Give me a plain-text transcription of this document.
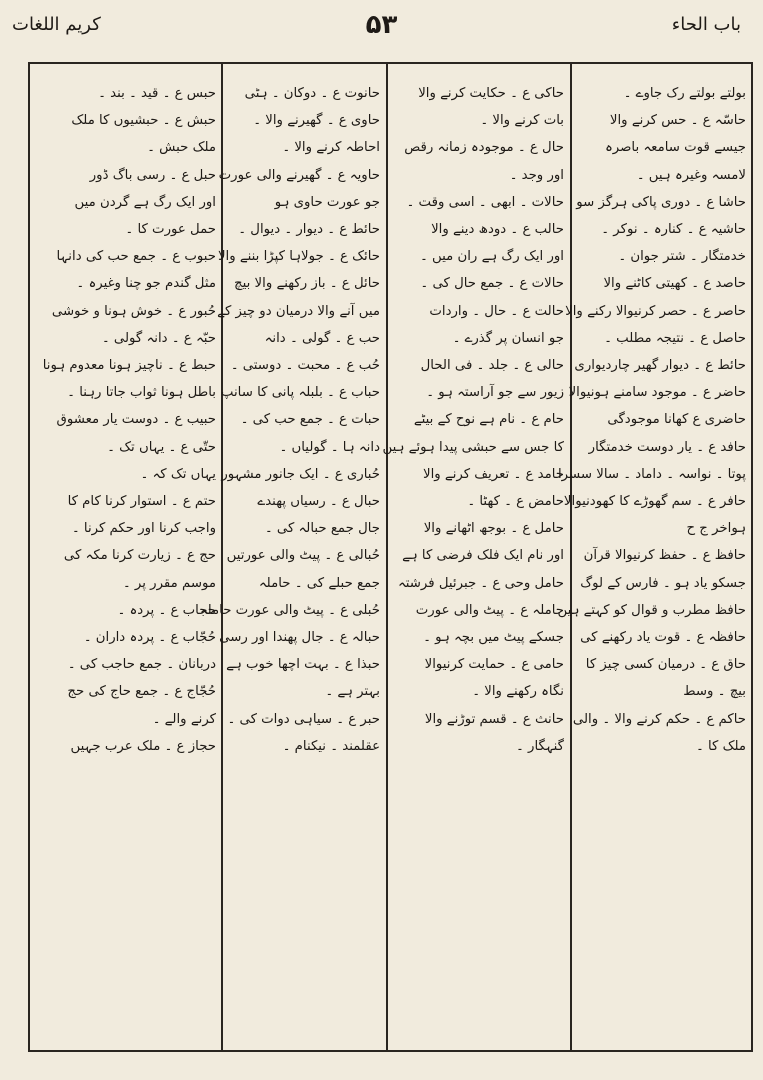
باب الحاء
۵۳
کریم اللغات
بولتے بولتے رک جاوے ۔
حاسّہ ع ۔ حس کرنے والا
جیسے قوت سامعہ باصرہ
لامسہ وغیرہ ہیں ۔
حاشا ع ۔ دوری پاکی ہرگز سو
حاشیہ ع ۔ کنارہ ۔ نوکر ۔
خدمتگار ۔ شتر جوان ۔
حاصد ع ۔ کھیتی کاٹنے والا
حاصر ع ۔ حصر کرنیوالا رکنے والا
حاصل ع ۔ نتیجہ مطلب ۔
حائط ع ۔ دیوار گھیر چاردیواری
حاضر ع ۔ موجود سامنے ہونیوالا
حاضری ع کھانا موجودگی
حافد ع ۔ یار دوست خدمتگار
پوتا ۔ نواسہ ۔ داماد ۔ سالا سسرا
حافر ع ۔ سم گھوڑے کا کھودنیوالا
ہواخر ج ح
حافظ ع ۔ حفظ کرنیوالا قرآن
جسکو یاد ہو ۔ فارس کے لوگ
حافظ مطرب و قوال کو کہتے ہیں
حافظہ ع ۔ قوت یاد رکھنے کی
حاق ع ۔ درمیان کسی چیز کا
بیچ ۔ وسط
حاکم ع ۔ حکم کرنے والا ۔ والی
ملک کا ۔
حاکی ع ۔ حکایت کرنے والا
بات کرنے والا ۔
حال ع ۔ موجودہ زمانہ رقص
اور وجد ۔
حالات ۔ ابھی ۔ اسی وقت ۔
حالب ع ۔ دودھ دینے والا
اور ایک رگ ہے ران میں ۔
حالات ع ۔ جمع حال کی ۔
حالت ع ۔ حال ۔ واردات
جو انسان پر گذرے ۔
حالی ع ۔ جلد ۔ فی الحال
زیور سے جو آراستہ ہو ۔
حام ع ۔ نام ہے نوح کے بیٹے
کا جس سے حبشی پیدا ہوئے ہیں
حامد ع ۔ تعریف کرنے والا
حامض ع ۔ کھٹا ۔
حامل ع ۔ بوجھ اٹھانے والا
اور نام ایک فلک فرضی کا ہے
حامل وحی ع ۔ جبرئیل فرشتہ
حاملہ ع ۔ پیٹ والی عورت
جسکے پیٹ میں بچہ ہو ۔
حامی ع ۔ حمایت کرنیوالا
نگاہ رکھنے والا ۔
حانث ع ۔ قسم توڑنے والا
گنہگار ۔
حانوت ع ۔ دوکان ۔ ہٹی
حاوی ع ۔ گھیرنے والا ۔
احاطہ کرنے والا ۔
حاویہ ع ۔ گھیرنے والی عورت
جو عورت حاوی ہو
حائط ع ۔ دیوار ۔ دیوال ۔
حائک ع ۔ جولاہا کپڑا بننے والا
حائل ع ۔ باز رکھنے والا بیچ
میں آنے والا درمیان دو چیز کے
حب ع ۔ گولی ۔ دانہ
حُب ع ۔ محبت ۔ دوستی ۔
حباب ع ۔ بلبلہ پانی کا سانپ
حبات ع ۔ جمع حب کی ۔
دانہ ہا ۔ گولیاں ۔
حُباری ع ۔ ایک جانور مشہور
حبال ع ۔ رسیاں پھندے
جال جمع حبالہ کی ۔
حُبالی ع ۔ پیٹ والی عورتیں
جمع حبلے کی ۔ حاملہ
حُبلی ع ۔ پیٹ والی عورت حاملہ
حبالہ ع ۔ جال پھندا اور رسی
حبذا ع ۔ بہت اچھا خوب ہے
بہتر ہے ۔
حبر ع ۔ سیاہی دوات کی ۔
عقلمند ۔ نیکنام ۔
حبس ع ۔ قید ۔ بند ۔
حبش ع ۔ حبشیوں کا ملک
ملک حبش ۔
حبل ع ۔ رسی باگ ڈور
اور ایک رگ ہے گردن میں
حمل عورت کا ۔
حبوب ع ۔ جمع حب کی دانہا
مثل گندم جو چنا وغیرہ ۔
حُبور ع ۔ خوش ہونا و خوشی
حبّہ ع ۔ دانہ گولی ۔
حبط ع ۔ ناچیز ہونا معدوم ہونا
باطل ہونا ثواب جاتا رہنا ۔
حبیب ع ۔ دوست یار معشوق
حتّی ع ۔ یہاں تک ۔
یہاں تک کہ ۔
حتم ع ۔ استوار کرنا کام کا
واجب کرنا اور حکم کرنا ۔
حج ع ۔ زیارت کرنا مکہ کی
موسم مقرر پر ۔
حجاب ع ۔ پردہ ۔
حُجّاب ع ۔ پردہ داران ۔
دربانان ۔ جمع حاجب کی ۔
حُجّاج ع ۔ جمع حاج کی حج
کرنے والے ۔
حجاز ع ۔ ملک عرب جہیں
